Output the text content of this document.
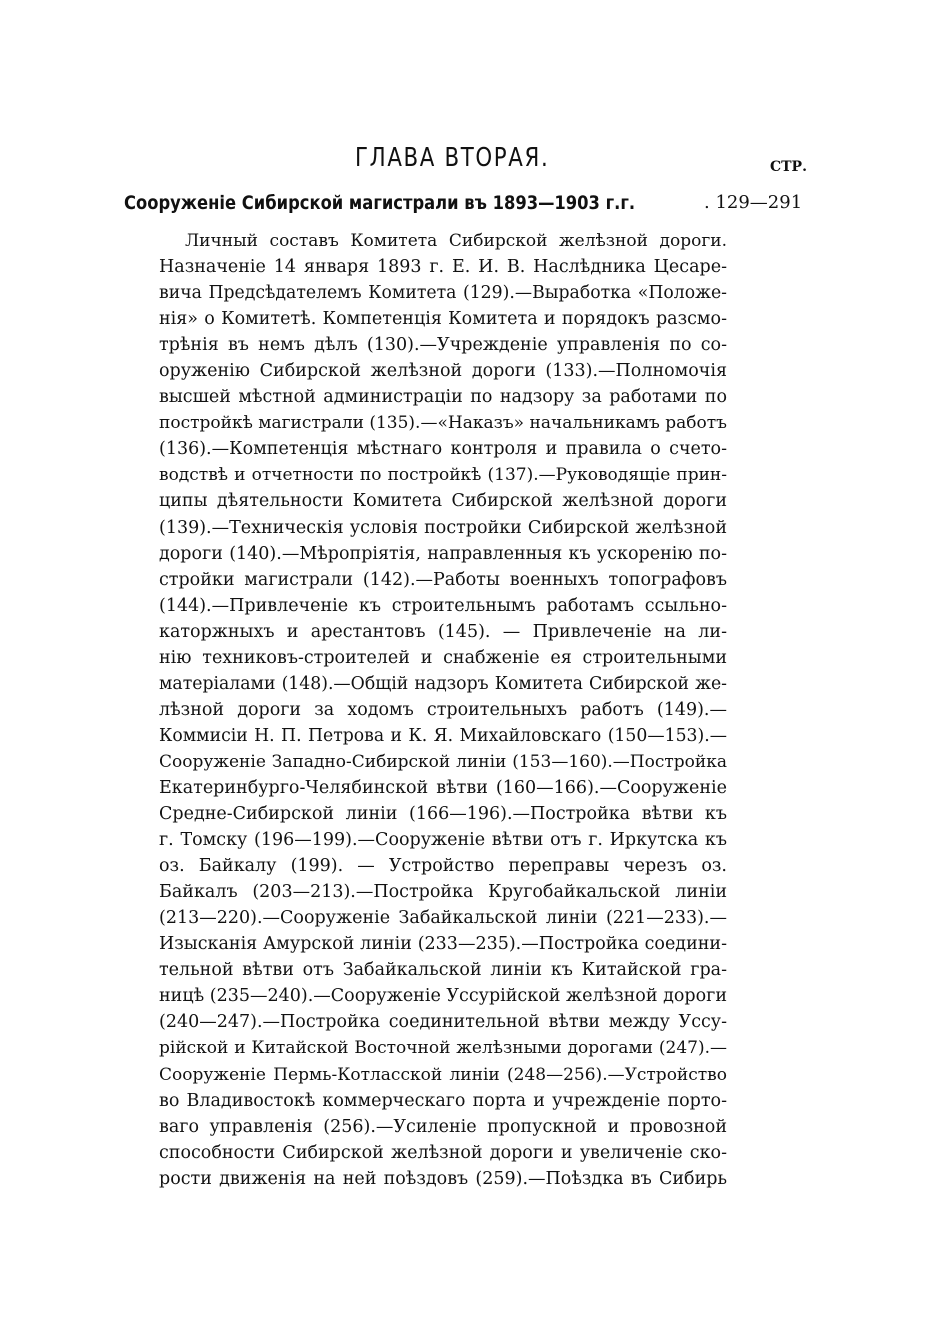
ГЛАВА ВТОРАЯ.	СТР.
Сооруженіе Сибирской магистрали въ 1893—1903 г.г.	. 129—291
Личный составъ Комитета Сибирской желѣзной дороги.
Назначеніе 14 января 1893 г. Е. И. В. Наслѣдника Цесаре-
вича Предсѣдателемъ Комитета (129).—Выработка «Положе-
нія» о Комитетѣ. Компетенція Комитета и порядокъ разсмо-
трѣнія въ немъ дѣлъ (130).—Учрежденіе управленія по со-
оруженію Сибирской желѣзной дороги (133).—Полномочія
высшей мѣстной администраціи по надзору за работами по
постройкѣ магистрали (135).—«Наказъ» начальникамъ работъ
(136).—Компетенція мѣстнаго контроля и правила о счето-
водствѣ и отчетности по постройкѣ (137).—Руководящіе прин-
ципы дѣятельности Комитета Сибирской желѣзной дороги
(139).—Техническія условія постройки Сибирской желѣзной
дороги (140).—Мѣропріятія, направленныя къ ускоренію по-
стройки магистрали (142).—Работы военныхъ топографовъ
(144).—Привлеченіе къ строительнымъ работамъ ссыльно-
каторжныхъ и арестантовъ (145). — Привлеченіе на ли-
нію техниковъ-строителей и снабженіе ея строительными
матеріалами (148).—Общій надзоръ Комитета Сибирской же-
лѣзной дороги за ходомъ строительныхъ работъ (149).—
Коммисіи Н. П. Петрова и К. Я. Михайловскаго (150—153).—
Сооруженіе Западно-Сибирской линіи (153—160).—Постройка
Екатеринбурго-Челябинской вѣтви (160—166).—Сооруженіе
Средне-Сибирской линіи (166—196).—Постройка вѣтви къ
г. Томску (196—199).—Сооруженіе вѣтви отъ г. Иркутска къ
оз. Байкалу (199). — Устройство переправы черезъ оз.
Байкалъ (203—213).—Постройка Кругобайкальской линіи
(213—220).—Сооруженіе Забайкальской линіи (221—233).—
Изысканія Амурской линіи (233—235).—Постройка соедини-
тельной вѣтви отъ Забайкальской линіи къ Китайской гра-
ницѣ (235—240).—Сооруженіе Уссурійской желѣзной дороги
(240—247).—Постройка соединительной вѣтви между Уссу-
рійской и Китайской Восточной желѣзными дорогами (247).—
Сооруженіе Пермь-Котласской линіи (248—256).—Устройство
во Владивостокѣ коммерческаго порта и учрежденіе порто-
ваго управленія (256).—Усиленіе пропускной и провозной
способности Сибирской желѣзной дороги и увеличеніе ско-
рости движенія на ней поѣздовъ (259).—Поѣздка въ Сибирь
